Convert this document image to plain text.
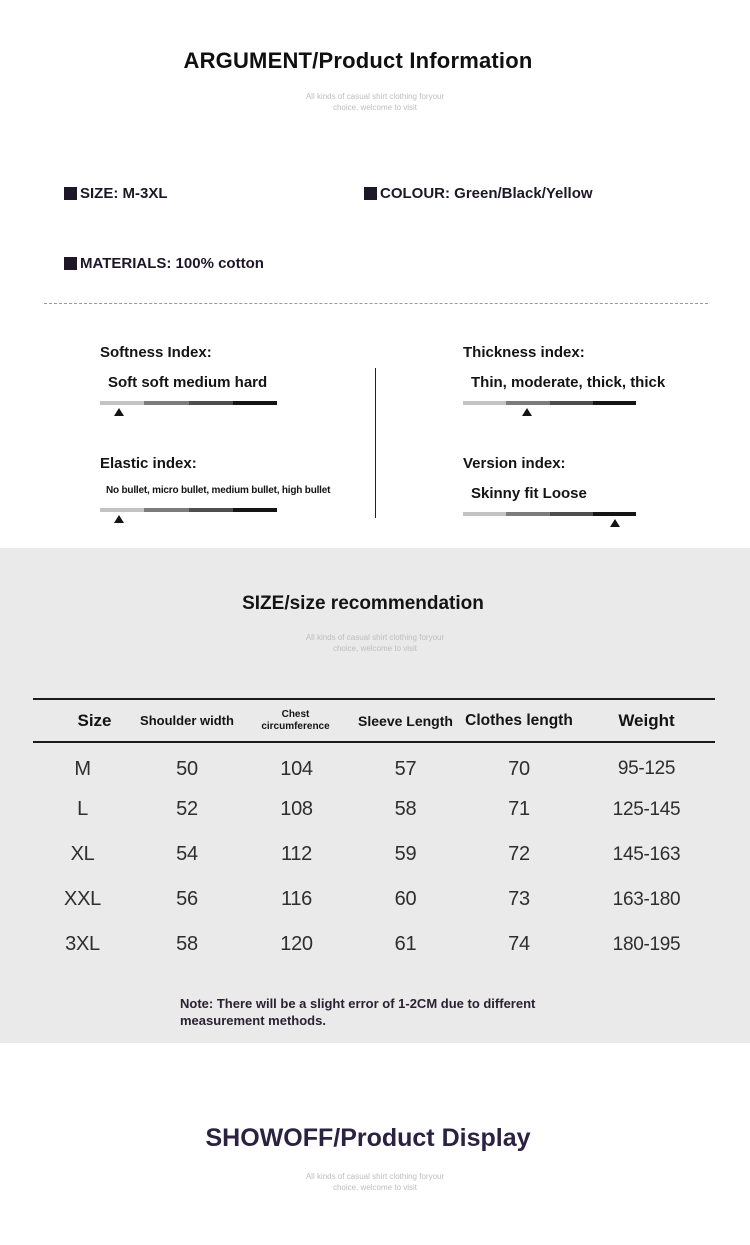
ARGUMENT/Product Information
All kinds of casual shirt clothing foryour
choice, welcome to visit
SIZE: M-3XL	COLOUR: Green/Black/Yellow
MATERIALS: 100% cotton
Softness Index:
Soft soft medium hard
Thickness index:
Thin, moderate, thick, thick
Elastic index:
No bullet, micro bullet, medium bullet, high bullet
Version index:
Skinny fit Loose
SIZE/size recommendation
All kinds of casual shirt clothing foryour
choice, welcome to visit
Size	Shoulder width	Chest circumference	Sleeve Length	Clothes length	Weight
M	50	104	57	70	95-125
L	52	108	58	71	125-145
XL	54	112	59	72	145-163
XXL	56	116	60	73	163-180
3XL	58	120	61	74	180-195

Note: There will be a slight error of 1-2CM due to different measurement methods.

SHOWOFF/Product Display
All kinds of casual shirt clothing foryour
choice, welcome to visit
